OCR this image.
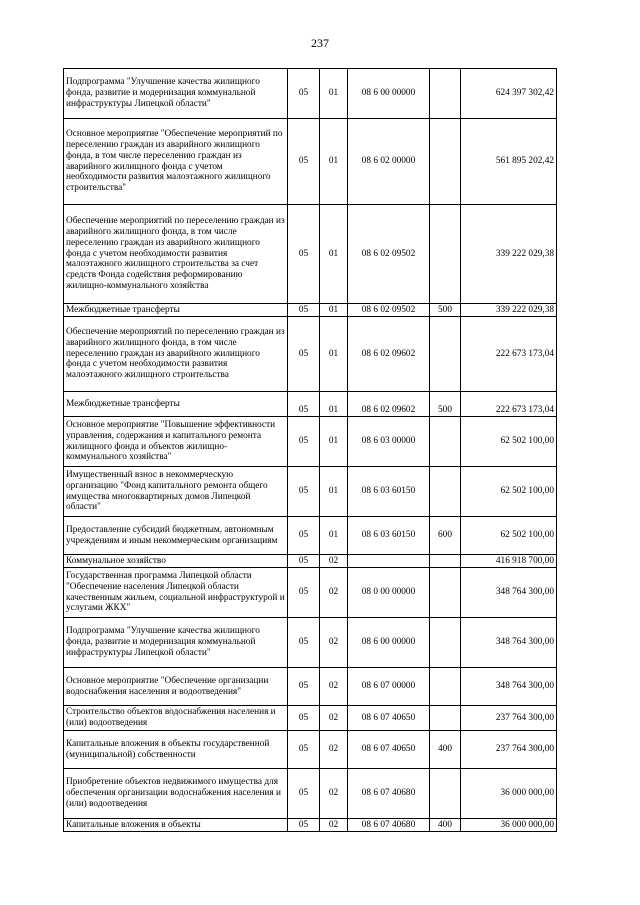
237
Подпрограмма "Улучшение качества жилищного фонда, развитие и модернизация коммунальной инфраструктуры Липецкой области"	05	01	08 6 00 00000		624 397 302,42
Основное мероприятие "Обеспечение мероприятий по переселению граждан из аварийного жилищного фонда, в том числе переселению граждан из аварийного жилищного фонда с учетом необходимости развития малоэтажного жилищного строительства"	05	01	08 6 02 00000		561 895 202,42
Обеспечение мероприятий по переселению граждан из аварийного жилищного фонда, в том числе переселению граждан из аварийного жилищного фонда с учетом необходимости развития малоэтажного жилищного строительства за счет средств Фонда содействия реформированию жилищно-коммунального хозяйства	05	01	08 6 02 09502		339 222 029,38
Межбюджетные трансферты	05	01	08 6 02 09502	500	339 222 029,38
Обеспечение мероприятий по переселению граждан из аварийного жилищного фонда, в том числе переселению граждан из аварийного жилищного фонда с учетом необходимости развития малоэтажного жилищного строительства	05	01	08 6 02 09602		222 673 173,04
Межбюджетные трансферты	05	01	08 6 02 09602	500	222 673 173,04
Основное мероприятие "Повышение эффективности управления, содержания и капитального ремонта жилищного фонда и объектов жилищно-коммунального хозяйства"	05	01	08 6 03 00000		62 502 100,00
Имущественный взнос в некоммерческую организацию "Фонд капитального ремонта общего имущества многоквартирных домов Липецкой области"	05	01	08 6 03 60150		62 502 100,00
Предоставление субсидий бюджетным, автономным учреждениям и иным некоммерческим организациям	05	01	08 6 03 60150	600	62 502 100,00
Коммунальное хозяйство	05	02			416 918 700,00
Государственная программа Липецкой области "Обеспечение населения Липецкой области качественным жильем, социальной инфраструктурой и услугами ЖКХ"	05	02	08 0 00 00000		348 764 300,00
Подпрограмма "Улучшение качества жилищного фонда, развитие и модернизация коммунальной инфраструктуры Липецкой области"	05	02	08 6 00 00000		348 764 300,00
Основное мероприятие "Обеспечение организации водоснабжения населения и водоотведения"	05	02	08 6 07 00000		348 764 300,00
Строительство объектов водоснабжения населения и (или) водоотведения	05	02	08 6 07 40650		237 764 300,00
Капитальные вложения в объекты государственной (муниципальной) собственности	05	02	08 6 07 40650	400	237 764 300,00
Приобретение объектов недвижимого имущества для обеспечения организации водоснабжения населения и (или) водоотведения	05	02	08 6 07 40680		36 000 000,00
Капитальные вложения в объекты	05	02	08 6 07 40680	400	36 000 000,00
